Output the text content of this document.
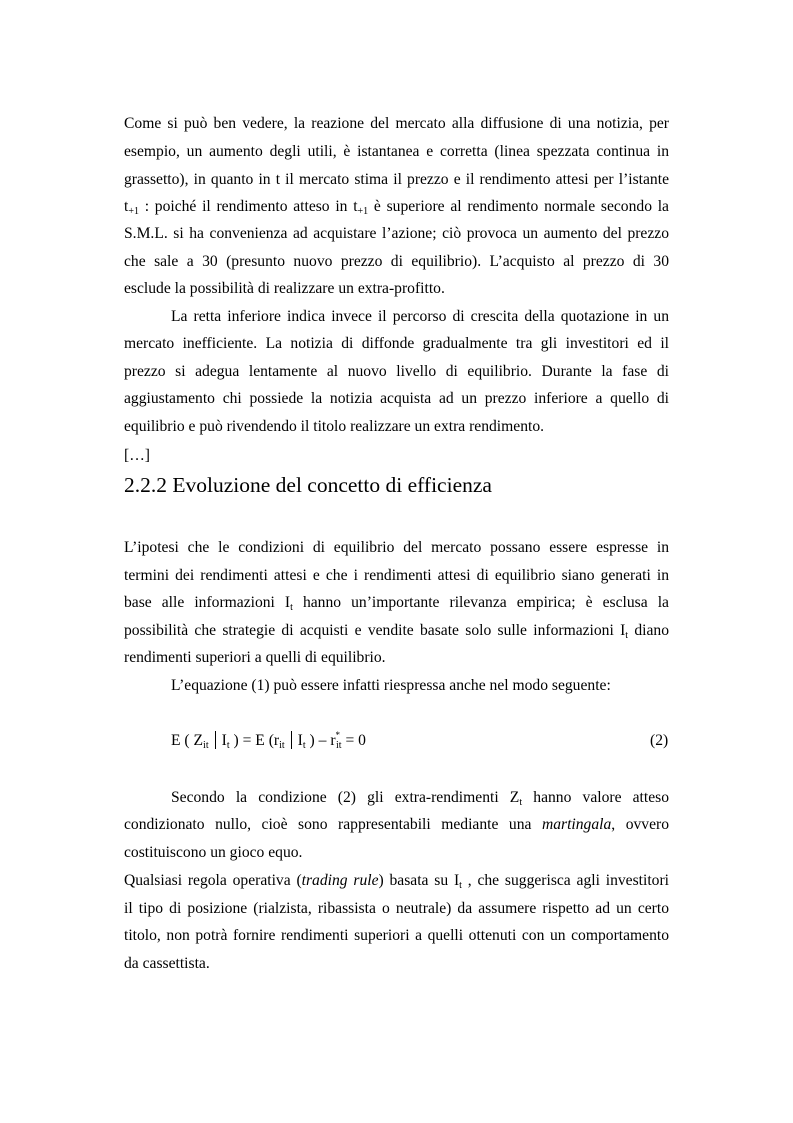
Come si può ben vedere, la reazione del mercato alla diffusione di una notizia, per
esempio, un aumento degli utili, è istantanea e corretta (linea spezzata continua in
grassetto), in quanto in t il mercato stima il prezzo e il rendimento attesi per l’istante
$t_{+1}$ : poiché il rendimento atteso in $t_{+1}$ è superiore al rendimento normale secondo la
S.M.L. si ha convenienza ad acquistare l’azione; ciò provoca un aumento del prezzo
che sale a 30 (presunto nuovo prezzo di equilibrio). L’acquisto al prezzo di 30
esclude la possibilità di realizzare un extra-profitto.
La retta inferiore indica invece il percorso di crescita della quotazione in un
mercato inefficiente. La notizia di diffonde gradualmente tra gli investitori ed il
prezzo si adegua lentamente al nuovo livello di equilibrio. Durante la fase di
aggiustamento chi possiede la notizia acquista ad un prezzo inferiore a quello di
equilibrio e può rivendendo il titolo realizzare un extra rendimento.
[…]
2.2.2 Evoluzione del concetto di efficienza
L’ipotesi che le condizioni di equilibrio del mercato possano essere espresse in
termini dei rendimenti attesi e che i rendimenti attesi di equilibrio siano generati in
base alle informazioni $I_t$ hanno un’importante rilevanza empirica; è esclusa la
possibilità che strategie di acquisti e vendite basate solo sulle informazioni $I_t$ diano
rendimenti superiori a quelli di equilibrio.
L’equazione (1) può essere infatti riespressa anche nel modo seguente:
E ( $Z_{it}$ $I_t$ ) = E ($r_{it}$ $I_t$ ) – $r^*_{it} = 0$	(2)
Secondo la condizione (2) gli extra-rendimenti $Z_t$ hanno valore atteso
condizionato nullo, cioè sono rappresentabili mediante una martingala, ovvero
costituiscono un gioco equo.
Qualsiasi regola operativa (trading rule) basata su $I_t$ , che suggerisca agli investitori
il tipo di posizione (rialzista, ribassista o neutrale) da assumere rispetto ad un certo
titolo, non potrà fornire rendimenti superiori a quelli ottenuti con un comportamento
da cassettista.
